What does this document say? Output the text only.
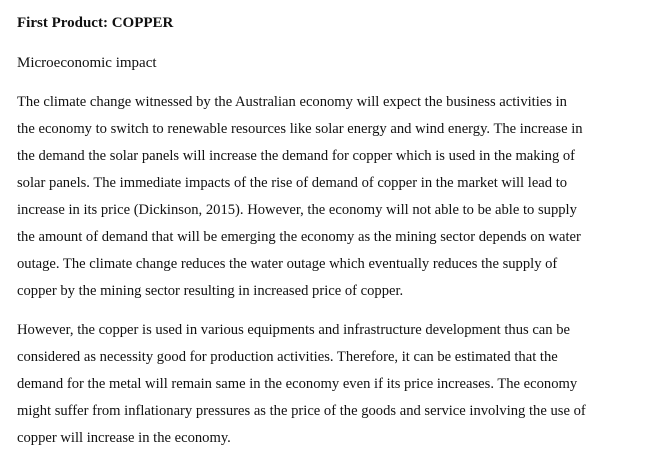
First Product: COPPER
Microeconomic impact

The climate change witnessed by the Australian economy will expect the business activities in
the economy to switch to renewable resources like solar energy and wind energy. The increase in
the demand the solar panels will increase the demand for copper which is used in the making of
solar panels. The immediate impacts of the rise of demand of copper in the market will lead to
increase in its price (Dickinson, 2015). However, the economy will not able to be able to supply
the amount of demand that will be emerging the economy as the mining sector depends on water
outage. The climate change reduces the water outage which eventually reduces the supply of
copper by the mining sector resulting in increased price of copper.

However, the copper is used in various equipments and infrastructure development thus can be
considered as necessity good for production activities. Therefore, it can be estimated that the
demand for the metal will remain same in the economy even if its price increases. The economy
might suffer from inflationary pressures as the price of the goods and service involving the use of
copper will increase in the economy.
